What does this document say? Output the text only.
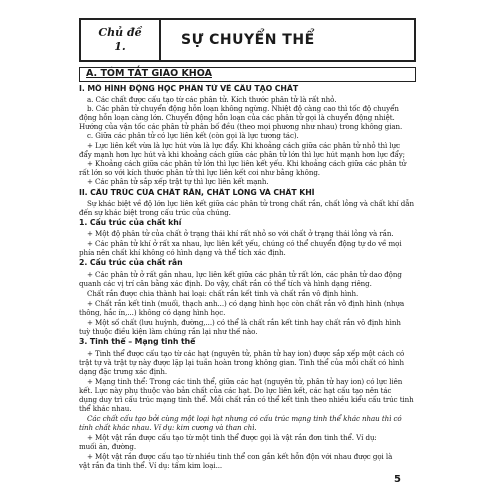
Chủ đề
1.	SỰ CHUYỂN THỂ
A. TÓM TẮT GIÁO KHOA
I. MÔ HÌNH ĐỘNG HỌC PHÂN TỬ VỀ CẤU TẠO CHẤT
a. Các chất được cấu tạo từ các phân tử. Kích thước phân tử là rất nhỏ.
b. Các phân tử chuyển động hỗn loạn không ngừng. Nhiệt độ càng cao thì tốc độ chuyển
động hỗn loạn càng lớn. Chuyển động hỗn loạn của các phân tử gọi là chuyển động nhiệt.
Hướng của vận tốc các phân tử phân bố đều (theo mọi phương như nhau) trong không gian.
c. Giữa các phân tử có lực liên kết (còn gọi là lực tương tác).
+ Lực liên kết vừa là lực hút vừa là lực đẩy. Khi khoảng cách giữa các phân tử nhỏ thì lực
đẩy mạnh hơn lực hút và khi khoảng cách giữa các phân tử lớn thì lực hút mạnh hơn lực đẩy;
+ Khoảng cách giữa các phân tử lớn thì lực liên kết yếu. Khi khoảng cách giữa các phân tử
rất lớn so với kích thước phân tử thì lực liên kết coi như bằng không.
+ Các phân tử sắp xếp trật tự thì lực liên kết mạnh.
II. CẤU TRÚC CỦA CHẤT RẮN, CHẤT LỎNG VÀ CHẤT KHÍ
Sự khác biệt về độ lớn lực liên kết giữa các phân tử trong chất rắn, chất lỏng và chất khí dẫn
đến sự khác biệt trong cấu trúc của chúng.
1. Cấu trúc của chất khí
+ Một độ phân tử của chất ở trạng thái khí rất nhỏ so với chất ở trạng thái lỏng và rắn.
+ Các phân tử khí ở rất xa nhau, lực liên kết yếu, chúng có thể chuyển động tự do về mọi
phía nên chất khí không có hình dạng và thể tích xác định.
2. Cấu trúc của chất rắn
+ Các phân tử ở rất gần nhau, lực liên kết giữa các phân tử rất lớn, các phân tử dao động
quanh các vị trí cân bằng xác định. Do vậy, chất rắn có thể tích và hình dạng riêng.
Chất rắn được chia thành hai loại: chất rắn kết tinh và chất rắn vô định hình.
+ Chất rắn kết tinh (muối, thạch anh...) có dạng hình học còn chất rắn vô định hình (nhựa
thông, hắc ín,...) không có dạng hình học.
+ Một số chất (lưu huỳnh, đường,...) có thể là chất rắn kết tinh hay chất rắn vô định hình
tuỳ thuộc điều kiện làm chúng rắn lại như thế nào.
3. Tinh thể – Mạng tinh thể
+ Tinh thể được cấu tạo từ các hạt (nguyên tử, phân tử hay ion) được sắp xếp một cách có
trật tự và trật tự này được lặp lại tuần hoàn trong không gian. Tinh thể của mỗi chất có hình
dạng đặc trưng xác định.
+ Mạng tinh thể: Trong các tinh thể, giữa các hạt (nguyên tử, phân tử hay ion) có lực liên
kết. Lực này phụ thuộc vào bản chất của các hạt. Do lực liên kết, các hạt cấu tạo nên tác
dụng duy trì cấu trúc mạng tinh thể. Mỗi chất rắn có thể kết tinh theo nhiều kiểu cấu trúc tinh
thể khác nhau.
Các chất cấu tạo bởi cùng một loại hạt nhưng có cấu trúc mạng tinh thể khác nhau thì có
tính chất khác nhau. Ví dụ: kim cương và than chì.
+ Một vật rắn được cấu tạo từ một tinh thể được gọi là vật rắn đơn tinh thể. Ví dụ:
muối ăn, đường.
+ Một vật rắn được cấu tạo từ nhiều tinh thể con gắn kết hỗn độn với nhau được gọi là
vật rắn đa tinh thể. Ví dụ: tấm kim loại...
5
